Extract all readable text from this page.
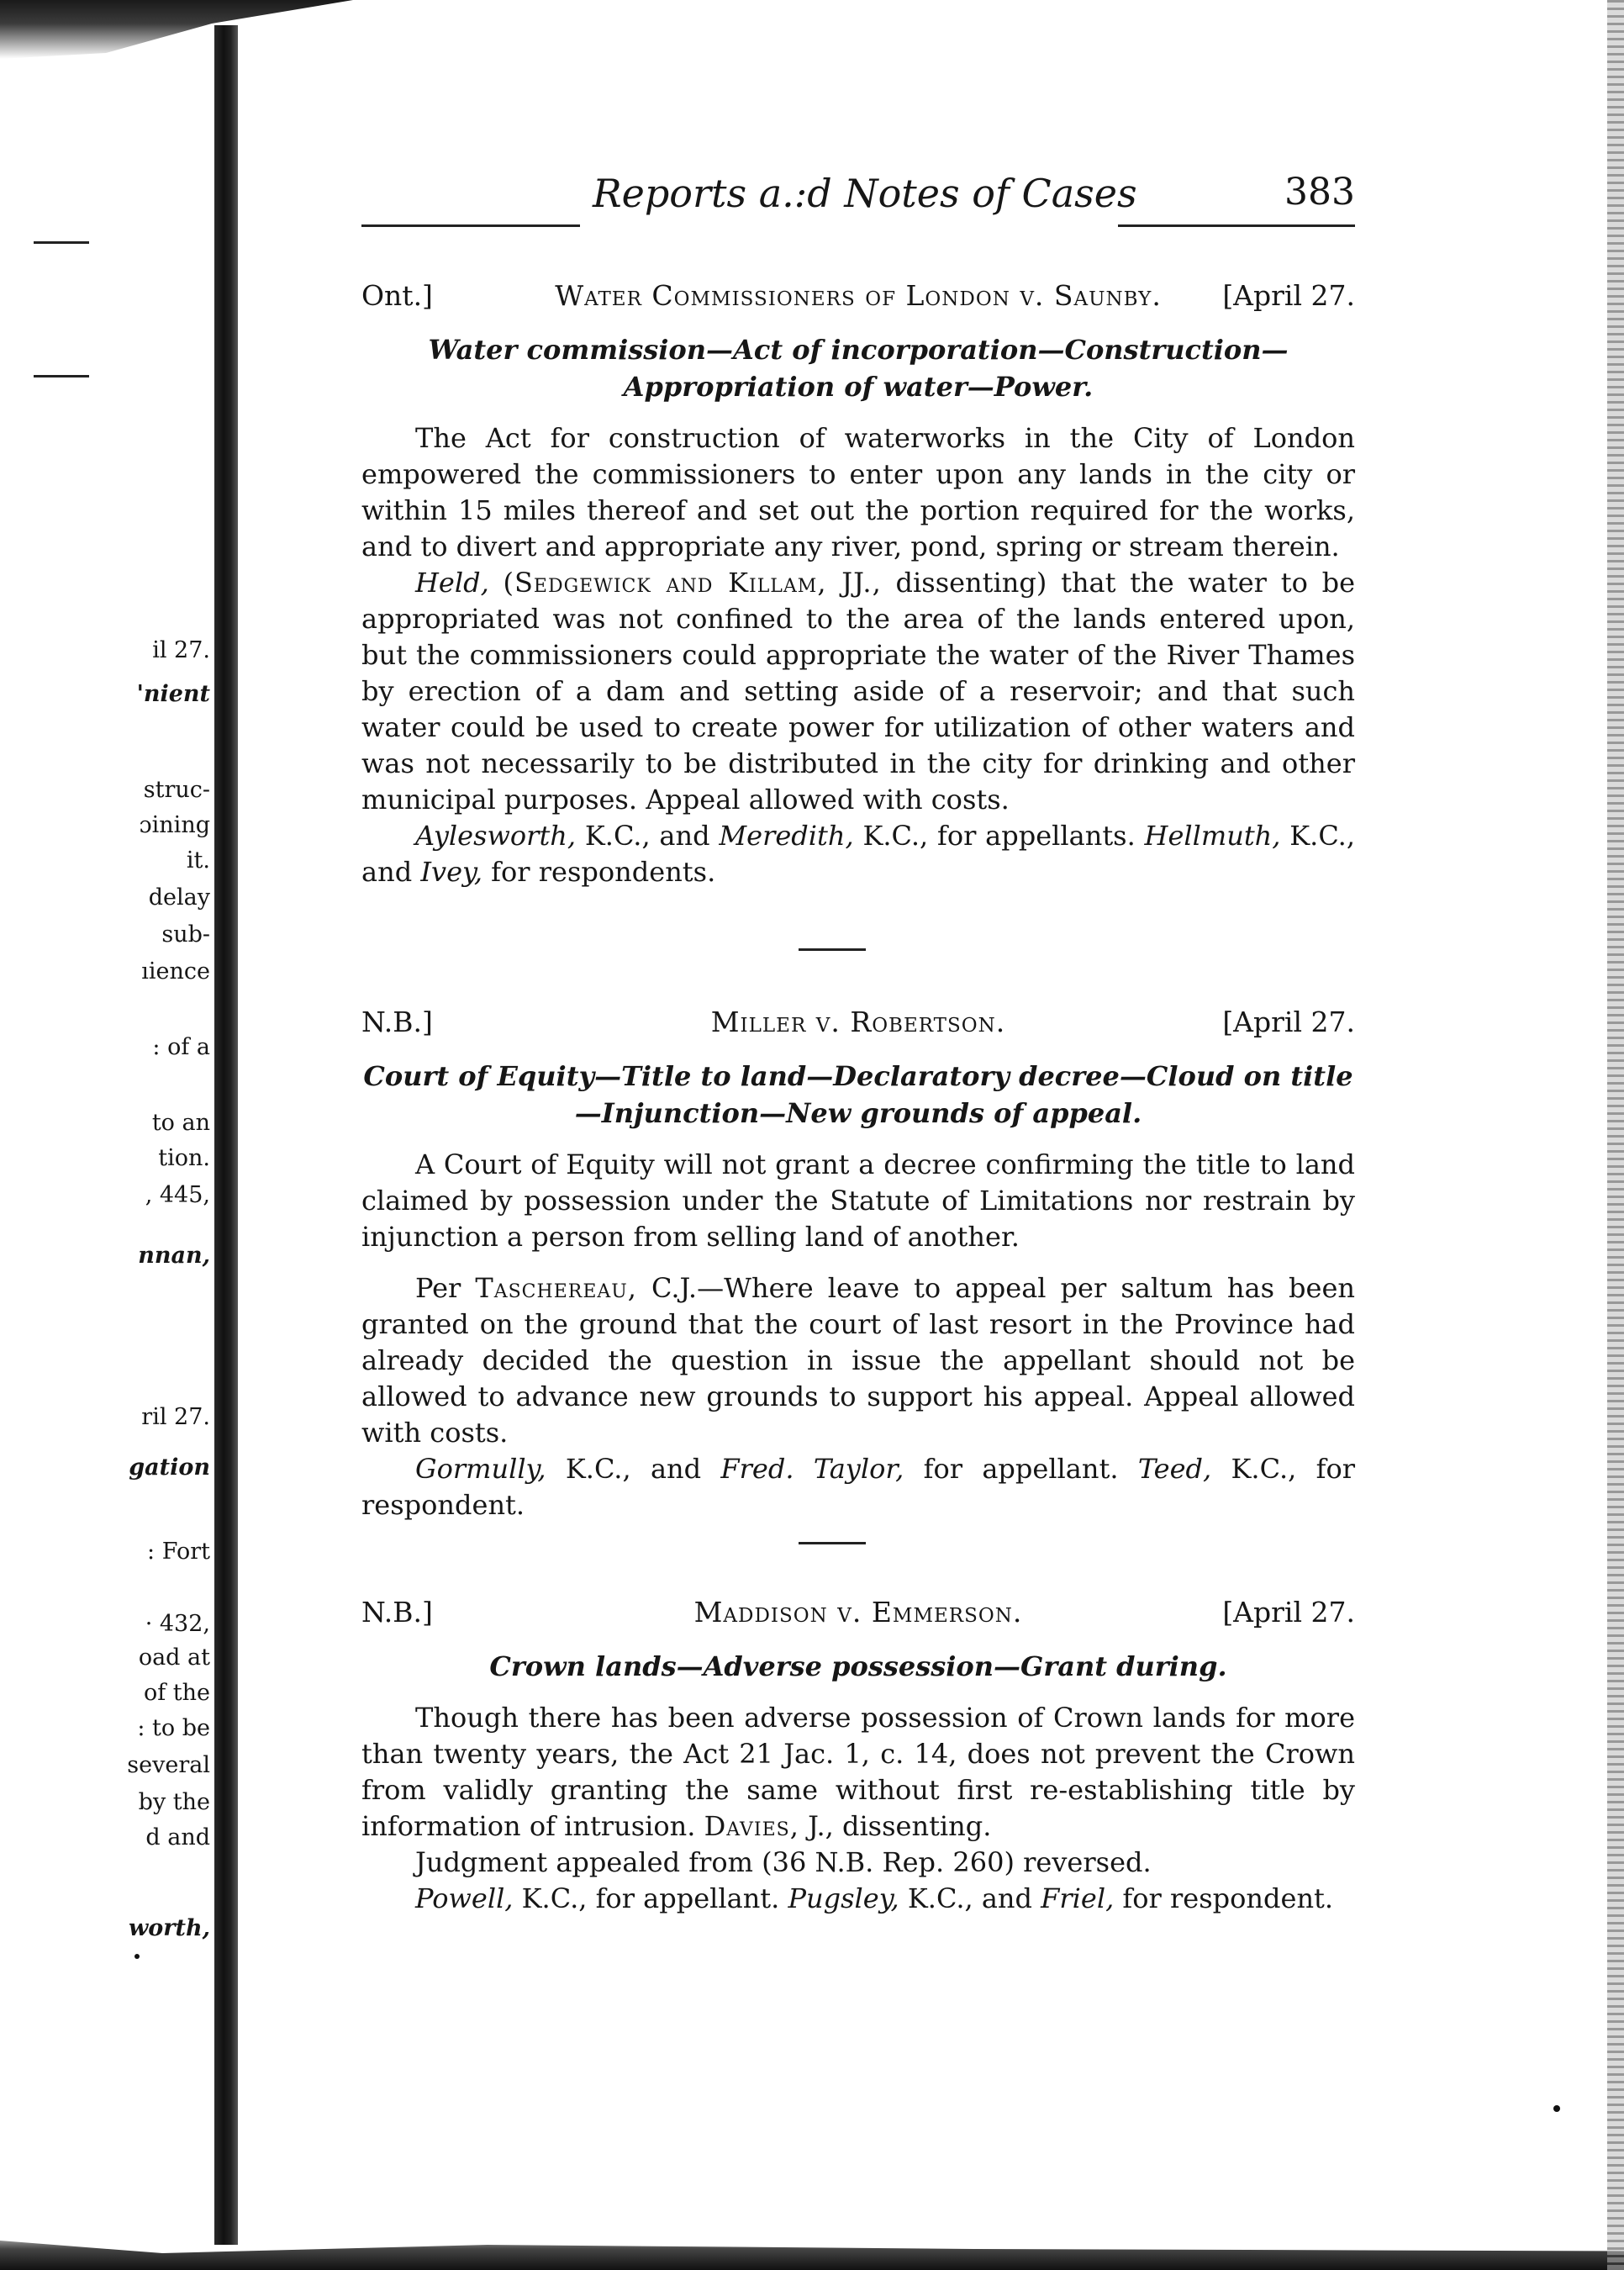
il 27.
'nient
struc-
ɔining
it.
delay
sub-
ıience
: of a
to an
tion.
, 445,
nnan,
ril 27.
gation
: Fort
· 432,
oad at
of the
: to be
several
by the
d and
worth,
Reports a.:d Notes of Cases	383
Ont.]	Water Commissioners of London v. Saunby.	[April 27.
Water commission—Act of incorporation—Construction—Appropriation of water—Power.

The Act for construction of waterworks in the City of London empowered the commissioners to enter upon any lands in the city or within 15 miles thereof and set out the portion required for the works, and to divert and appropriate any river, pond, spring or stream therein.

Held, (Sedgewick and Killam, JJ., dissenting) that the water to be appropriated was not confined to the area of the lands entered upon, but the commissioners could appropriate the water of the River Thames by erection of a dam and setting aside of a reservoir; and that such water could be used to create power for utilization of other waters and was not necessarily to be distributed in the city for drinking and other municipal purposes. Appeal allowed with costs.

Aylesworth, K.C., and Meredith, K.C., for appellants. Hellmuth, K.C., and Ivey, for respondents.

N.B.]	Miller v. Robertson.	[April 27.
Court of Equity—Title to land—Declaratory decree—Cloud on title—Injunction—New grounds of appeal.

A Court of Equity will not grant a decree confirming the title to land claimed by possession under the Statute of Limitations nor restrain by injunction a person from selling land of another.

Per Taschereau, C.J.—Where leave to appeal per saltum has been granted on the ground that the court of last resort in the Province had already decided the question in issue the appellant should not be allowed to advance new grounds to support his appeal. Appeal allowed with costs.

Gormully, K.C., and Fred. Taylor, for appellant. Teed, K.C., for respondent.

N.B.]	Maddison v. Emmerson.	[April 27.
Crown lands—Adverse possession—Grant during.

Though there has been adverse possession of Crown lands for more than twenty years, the Act 21 Jac. 1, c. 14, does not prevent the Crown from validly granting the same without first re-establishing title by information of intrusion. Davies, J., dissenting.

Judgment appealed from (36 N.B. Rep. 260) reversed.

Powell, K.C., for appellant. Pugsley, K.C., and Friel, for respondent.
